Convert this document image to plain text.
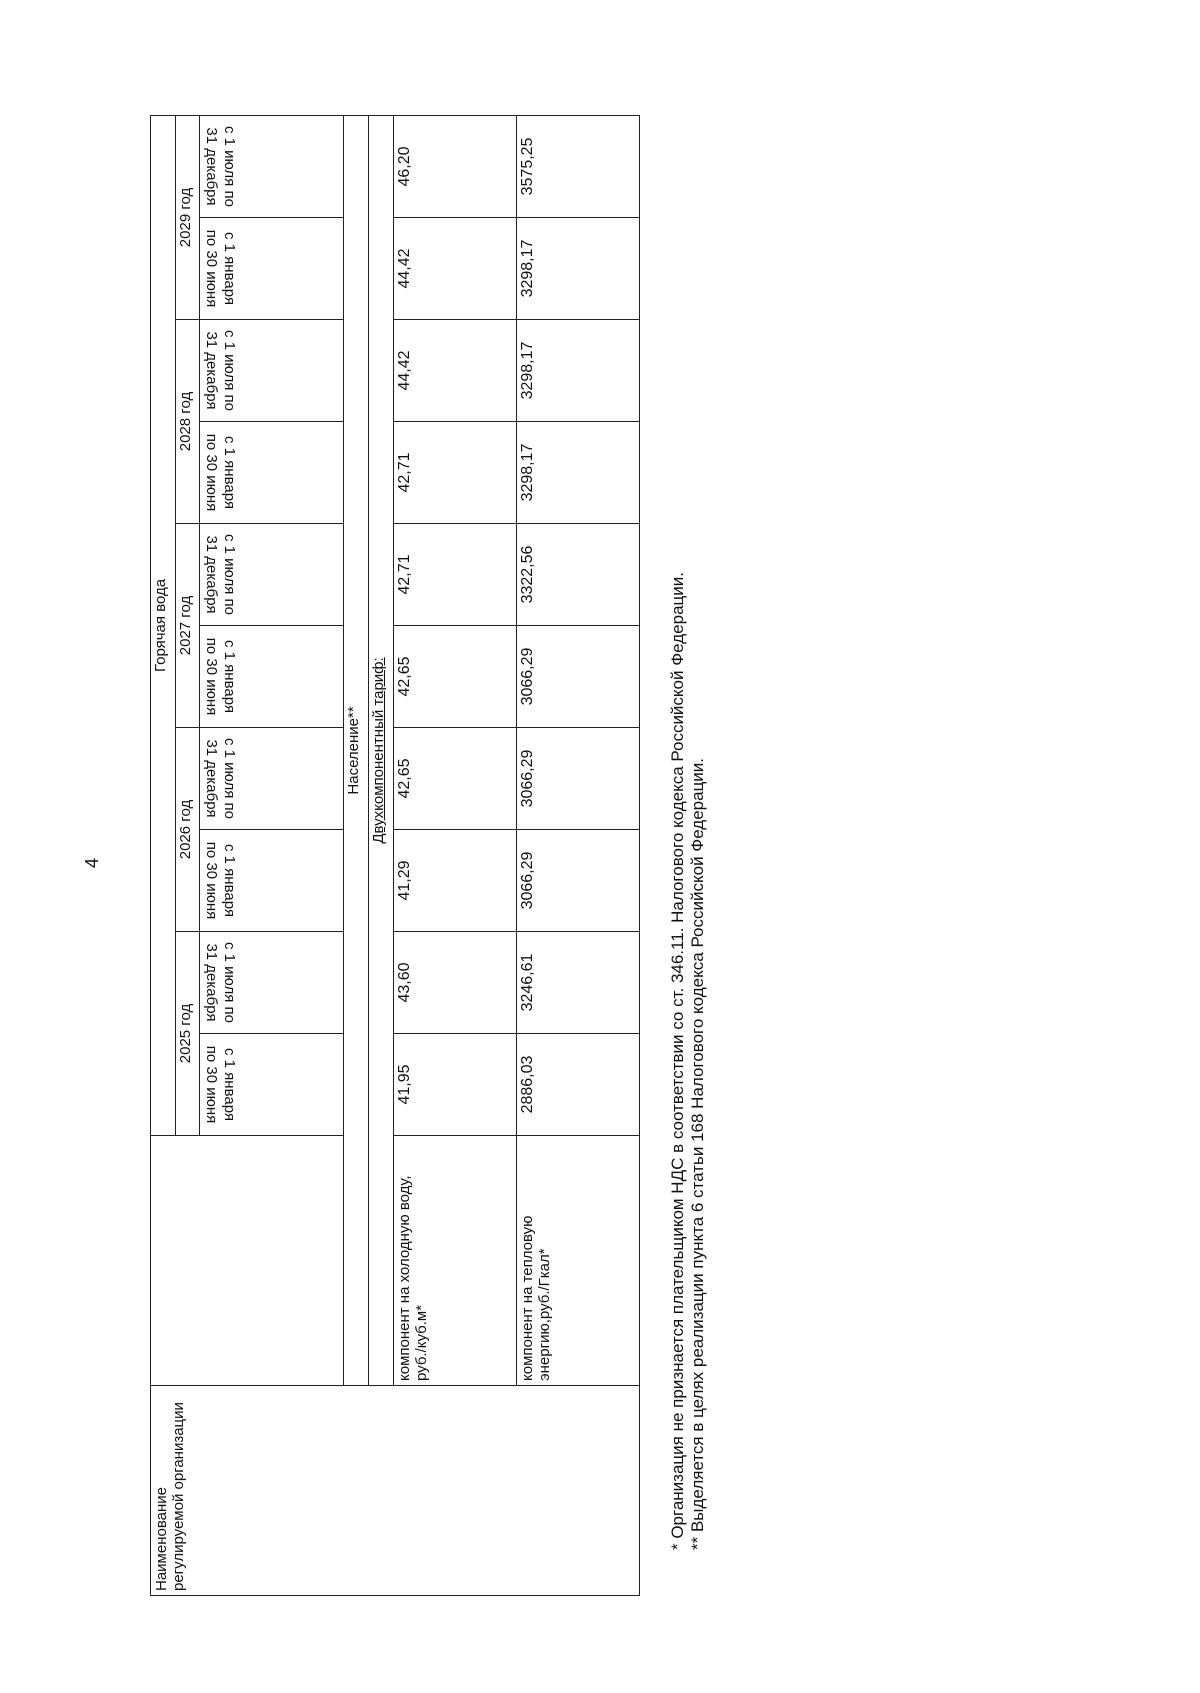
4
Наименование регулируемой организации		Горячая вода									
		2025 год		2026 год		2027 год		2028 год		2029 год	
		с 1 января по 30 июня	с 1 июля по 31 декабря	с 1 января по 30 июня	с 1 июля по 31 декабря	с 1 января по 30 июня	с 1 июля по 31 декабря	с 1 января по 30 июня	с 1 июля по 31 декабря	с 1 января по 30 июня	с 1 июля по 31 декабря
	Население**										
	Двухкомпонентный тариф:										
	компонент на холодную воду, руб./куб.м*	41,95	43,60	41,29	42,65	42,65	42,71	42,71	44,42	44,42	46,20
	компонент на тепловую энергию,руб./Гкал*	2886,03	3246,61	3066,29	3066,29	3066,29	3322,56	3298,17	3298,17	3298,17	3575,25
* Организация не признается плательщиком НДС в соответствии со ст. 346.11. Налогового кодекса Российской Федерации. ** Выделяется в целях реализации пункта 6 статьи 168 Налогового кодекса Российской Федерации.
